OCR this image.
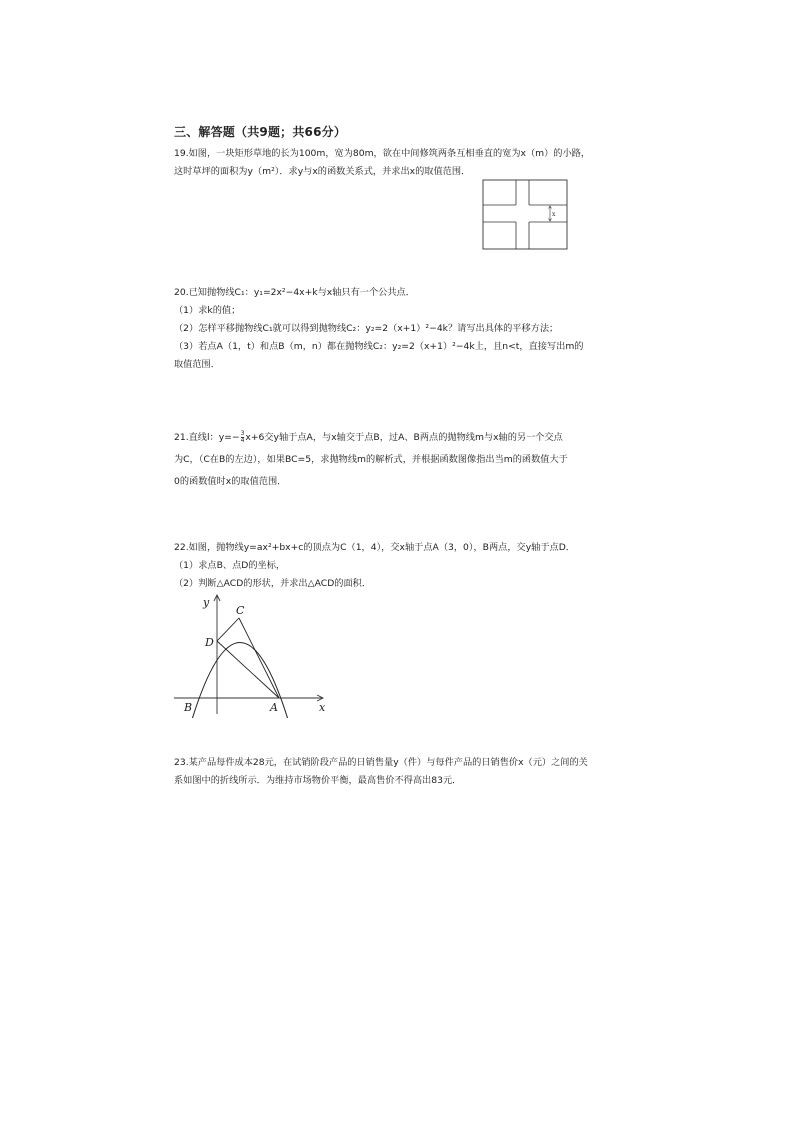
三、解答题（共9题；共66分）
19.如图，一块矩形草地的长为100m，宽为80m，欲在中间修筑两条互相垂直的宽为x（m）的小路，
这时草坪的面积为y（m²）．求y与x的函数关系式，并求出x的取值范围．
x
20.已知抛物线C₁：y₁=2x²−4x+k与x轴只有一个公共点．
（1）求k的值；
（2）怎样平移抛物线C₁就可以得到抛物线C₂：y₂=2（x+1）²−4k？请写出具体的平移方法；
（3）若点A（1，t）和点B（m，n）都在抛物线C₂：y₂=2（x+1）²−4k上，且n<t，直接写出m的
取值范围．
21.直线l：$y=- \frac{3}{4} x+6$交y轴于点A，与x轴交于点B，过A、B两点的抛物线m与x轴的另一个交点
为C，（C在B的左边），如果BC=5，求抛物线m的解析式，并根据函数图像指出当m的函数值大于
0的函数值时x的取值范围．
22.如图，抛物线y=ax²+bx+c的顶点为C（1，4），交x轴于点A（3，0），B两点，交y轴于点D．
（1）求点B、点D的坐标，
（2）判断△ACD的形状，并求出△ACD的面积．
y
x
C
D
B	A
23.某产品每件成本28元，在试销阶段产品的日销售量y（件）与每件产品的日销售价x（元）之间的关
系如图中的折线所示．为维持市场物价平衡，最高售价不得高出83元．
